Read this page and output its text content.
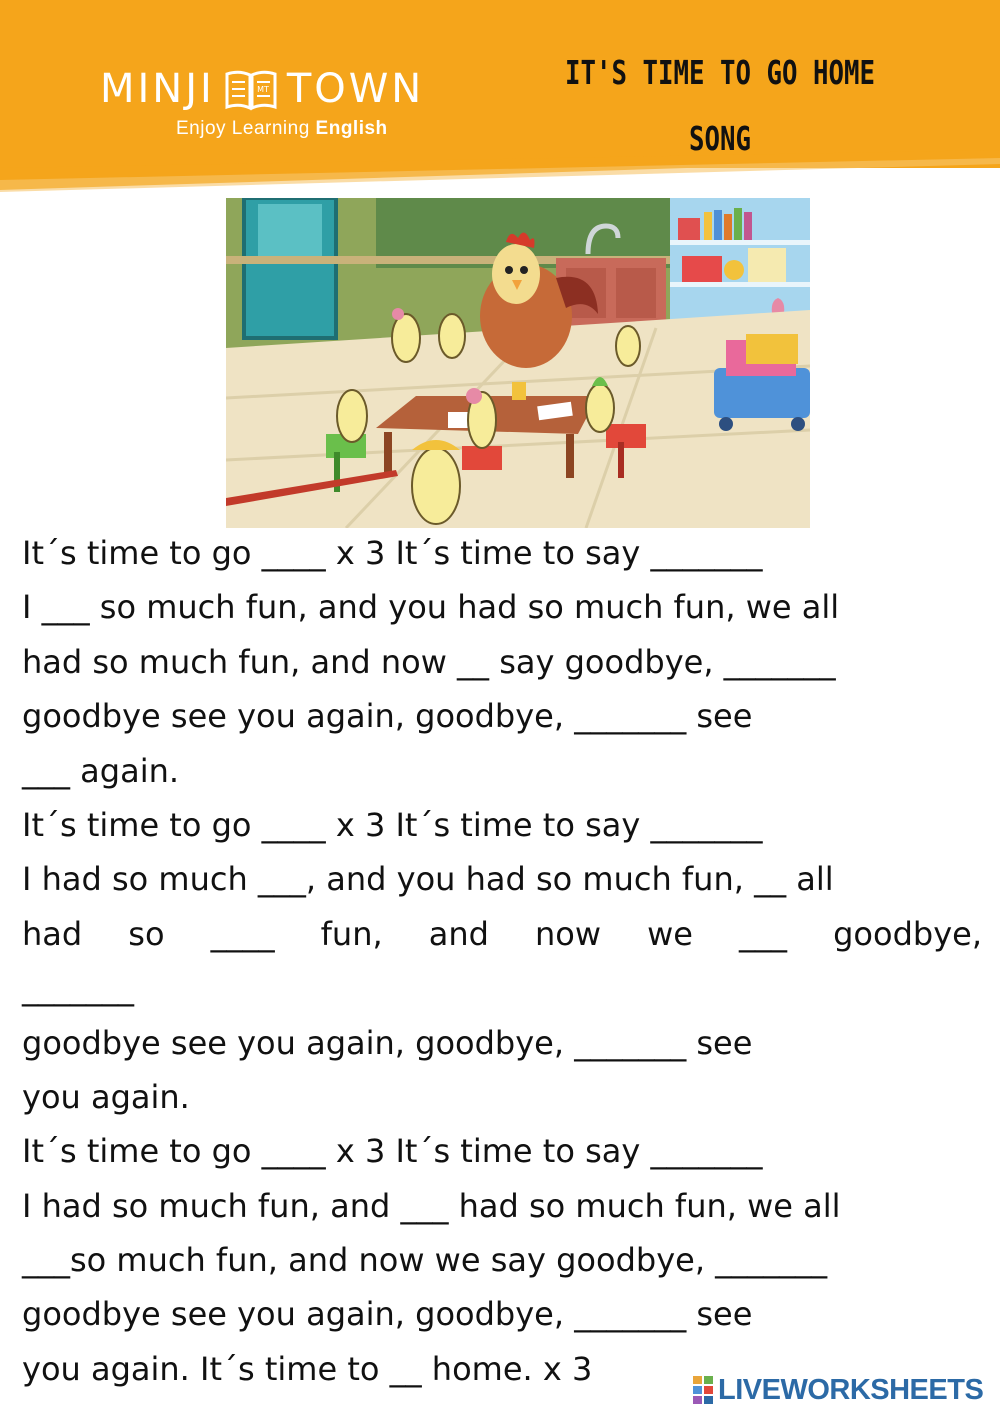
MINJI	MT TOWN
Enjoy Learning English
IT'S TIME TO GO HOME
SONG
It´s time to go ____ x 3 It´s time to say _______
I ___ so much fun, and you had so much fun, we all
had so much fun, and now __ say goodbye, _______
goodbye see you again, goodbye, _______ see
___ again.
It´s time to go ____ x 3 It´s time to say _______
I had so much ___, and you had so much fun, __ all
had so ____ fun, and now we ___ goodbye,
_______
goodbye see you again, goodbye, _______ see
you again.
It´s time to go ____ x 3 It´s time to say _______
I had so much fun, and ___ had so much fun, we all
___so much fun, and now we say goodbye, _______
goodbye see you again, goodbye, _______ see
you again. It´s time to __ home. x 3
LIVEWORKSHEETS
